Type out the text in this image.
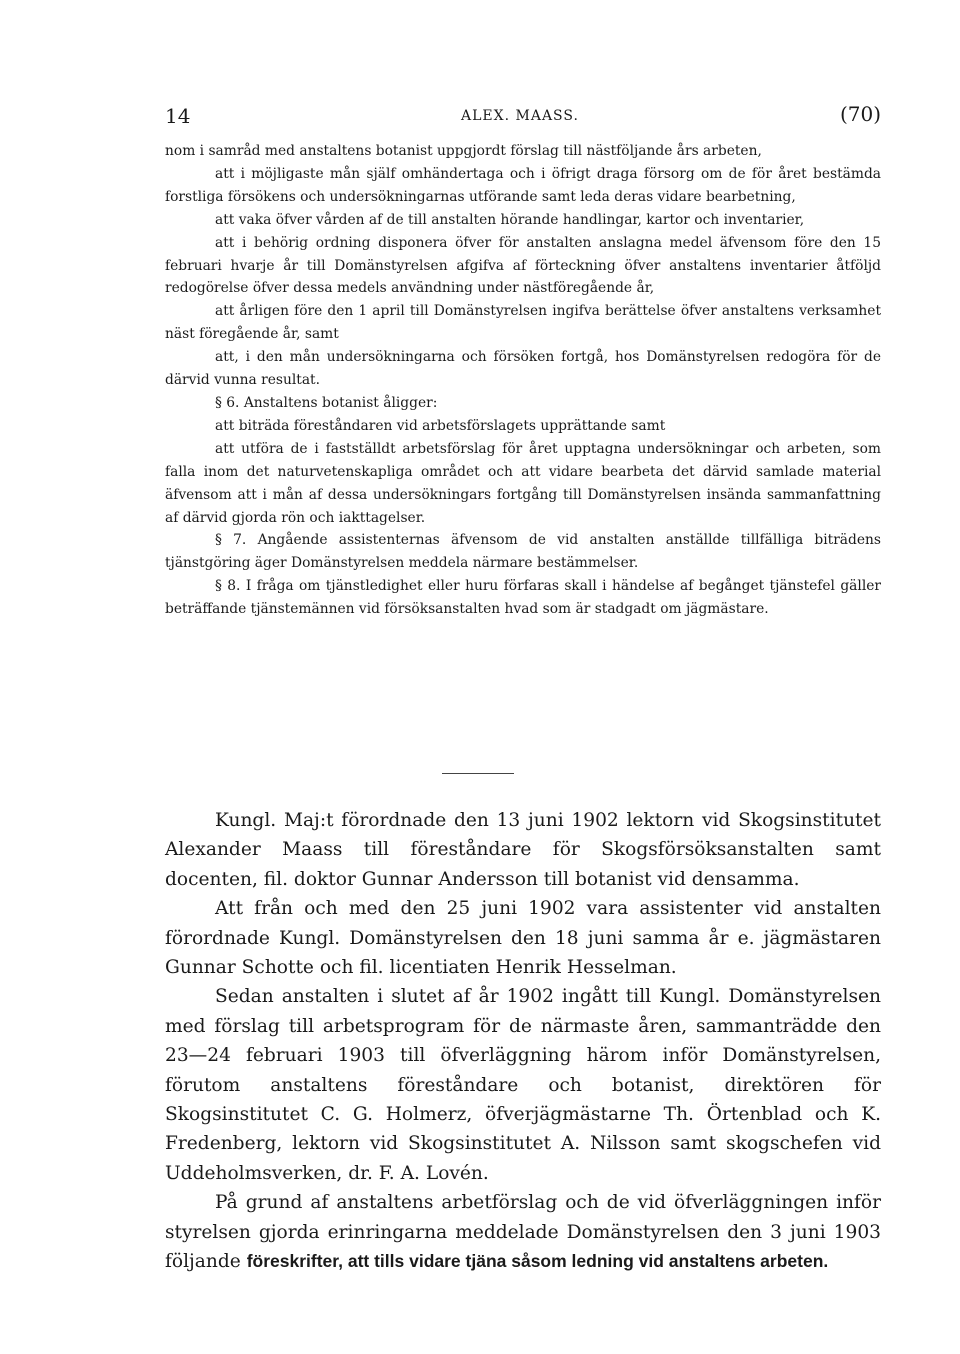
14	ALEX. MAASS.	(70)

nom i samråd med anstaltens botanist uppgjordt förslag till nästföljande års arbeten,

att i möjligaste mån själf omhändertaga och i öfrigt draga försorg om de för året bestämda forstliga försökens och undersökningarnas utförande samt leda deras vidare bearbetning,

att vaka öfver vården af de till anstalten hörande handlingar, kartor och inventarier,

att i behörig ordning disponera öfver för anstalten anslagna medel äfvensom före den 15 februari hvarje år till Domänstyrelsen afgifva af förteckning öfver anstaltens inventarier åtföljd redogörelse öfver dessa medels användning under nästföregående år,

att årligen före den 1 april till Domänstyrelsen ingifva berättelse öfver anstaltens verksamhet näst föregående år, samt

att, i den mån undersökningarna och försöken fortgå, hos Domänstyrelsen redogöra för de därvid vunna resultat.

§ 6. Anstaltens botanist åligger:

att biträda föreståndaren vid arbetsförslagets upprättande samt

att utföra de i fastställdt arbetsförslag för året upptagna undersökningar och arbeten, som falla inom det naturvetenskapliga området och att vidare bearbeta det därvid samlade material äfvensom att i mån af dessa undersökningars fortgång till Domänstyrelsen insända sammanfattning af därvid gjorda rön och iakttagelser.

§ 7. Angående assistenternas äfvensom de vid anstalten anställde tillfälliga biträdens tjänstgöring äger Domänstyrelsen meddela närmare bestämmelser.

§ 8. I fråga om tjänstledighet eller huru förfaras skall i händelse af begånget tjänstefel gäller beträffande tjänstemännen vid försöksanstalten hvad som är stadgadt om jägmästare.

Kungl. Maj:t förordnade den 13 juni 1902 lektorn vid Skogsinstitutet Alexander Maass till föreståndare för Skogsförsöksanstalten samt docenten, fil. doktor Gunnar Andersson till botanist vid densamma.

Att från och med den 25 juni 1902 vara assistenter vid anstalten förordnade Kungl. Domänstyrelsen den 18 juni samma år e. jägmästaren Gunnar Schotte och fil. licentiaten Henrik Hesselman.

Sedan anstalten i slutet af år 1902 ingått till Kungl. Domänstyrelsen med förslag till arbetsprogram för de närmaste åren, sammanträdde den 23—24 februari 1903 till öfverläggning härom inför Domänstyrelsen, förutom anstaltens föreståndare och botanist, direktören för Skogsinstitutet C. G. Holmerz, öfverjägmästarne Th. Örtenblad och K. Fredenberg, lektorn vid Skogsinstitutet A. Nilsson samt skogschefen vid Uddeholmsverken, dr. F. A. Lovén.

På grund af anstaltens arbetförslag och de vid öfverläggningen inför styrelsen gjorda erinringarna meddelade Domänstyrelsen den 3 juni 1903 följande föreskrifter, att tills vidare tjäna såsom ledning vid anstaltens arbeten.
